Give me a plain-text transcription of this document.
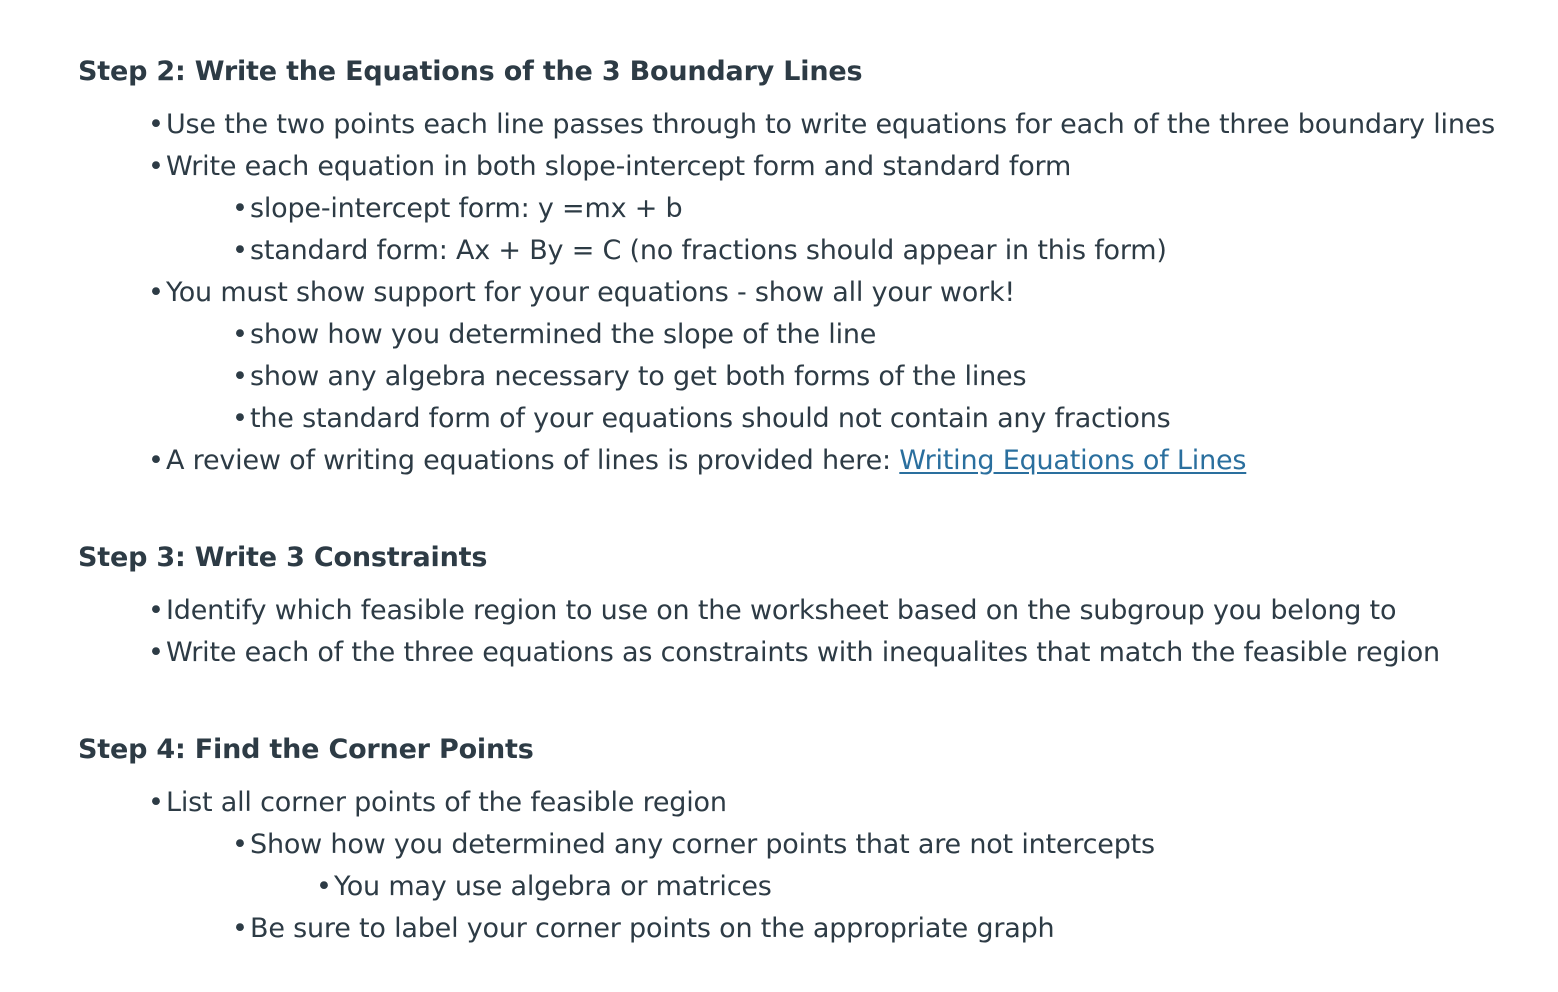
Step 2: Write the Equations of the 3 Boundary Lines
• Use the two points each line passes through to write equations for each of the three boundary lines
• Write each equation in both slope-intercept form and standard form
• slope-intercept form: y =mx + b
• standard form: Ax + By = C (no fractions should appear in this form)
• You must show support for your equations - show all your work!
• show how you determined the slope of the line
• show any algebra necessary to get both forms of the lines
• the standard form of your equations should not contain any fractions
• A review of writing equations of lines is provided here: Writing Equations of Lines
Step 3: Write 3 Constraints
• Identify which feasible region to use on the worksheet based on the subgroup you belong to
• Write each of the three equations as constraints with inequalites that match the feasible region
Step 4: Find the Corner Points
• List all corner points of the feasible region
• Show how you determined any corner points that are not intercepts
• You may use algebra or matrices
• Be sure to label your corner points on the appropriate graph
